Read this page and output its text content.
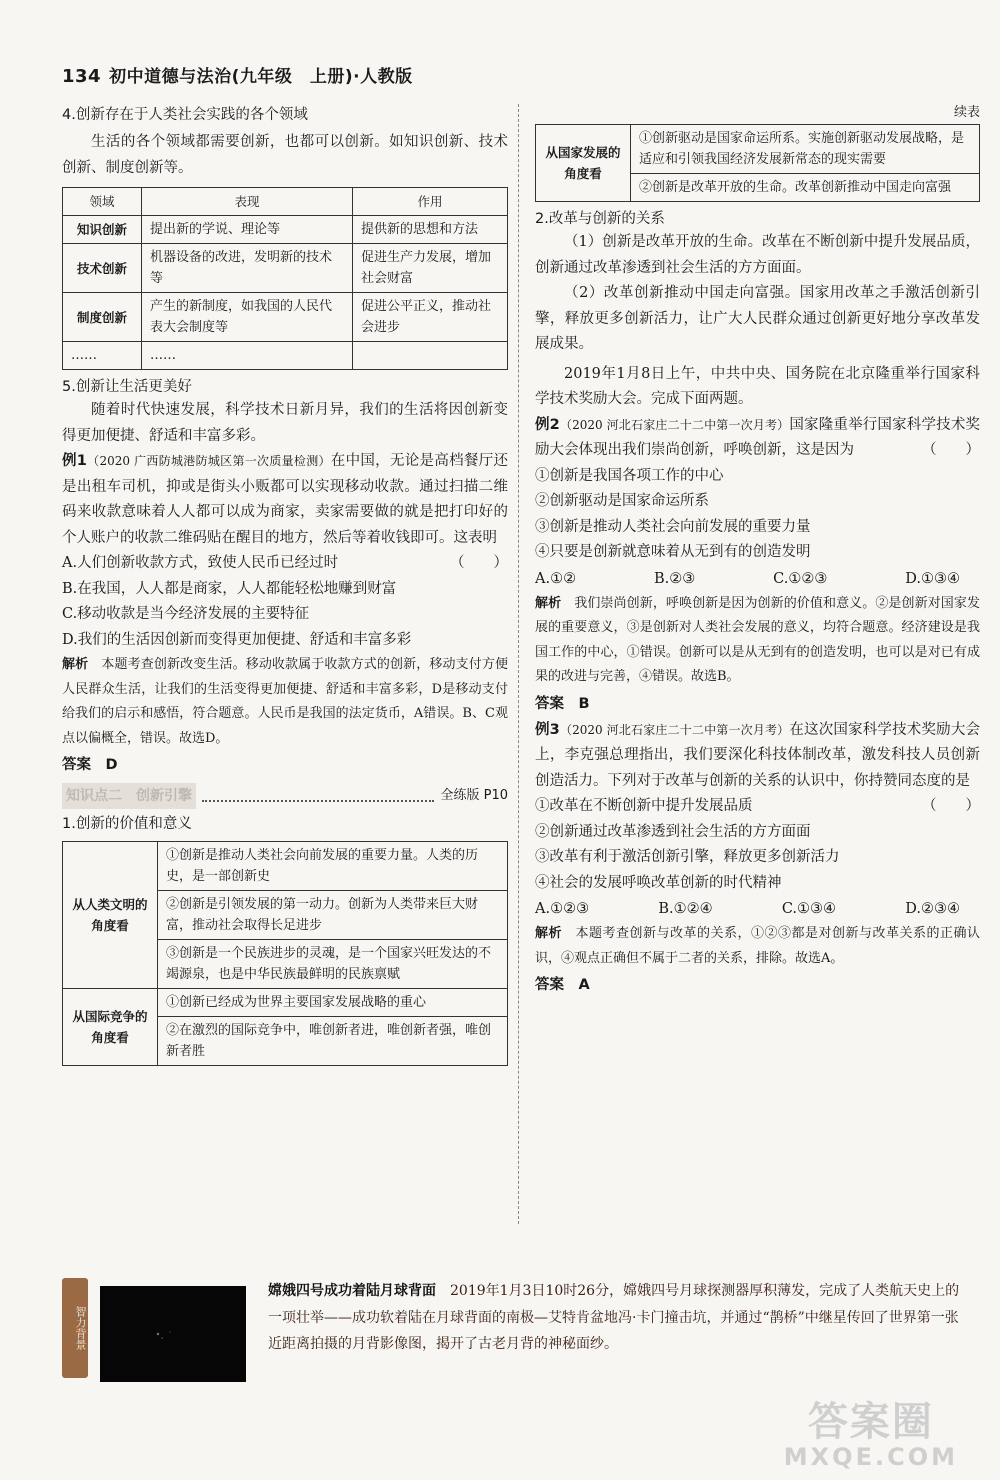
134 初中道德与法治(九年级　上册)·人教版
4.创新存在于人类社会实践的各个领域

生活的各个领域都需要创新，也都可以创新。如知识创新、技术创新、制度创新等。

领域	表现	作用
知识创新	提出新的学说、理论等	提供新的思想和方法
技术创新	机器设备的改进，发明新的技术等	促进生产力发展，增加社会财富
制度创新	产生的新制度，如我国的人民代表大会制度等	促进公平正义，推动社会进步
……	……	
5.创新让生活更美好

随着时代快速发展，科学技术日新月异，我们的生活将因创新变得更加便捷、舒适和丰富多彩。

例1（2020 广西防城港防城区第一次质量检测）在中国，无论是高档餐厅还是出租车司机，抑或是街头小贩都可以实现移动收款。通过扫描二维码来收款意味着人人都可以成为商家，卖家需要做的就是把打印好的个人账户的收款二维码贴在醒目的地方，然后等着收钱即可。这表明
（　　）

A.人们创新收款方式，致使人民币已经过时

B.在我国，人人都是商家，人人都能轻松地赚到财富

C.移动收款是当今经济发展的主要特征

D.我们的生活因创新而变得更加便捷、舒适和丰富多彩

解析　 本题考查创新改变生活。移动收款属于收款方式的创新，移动支付方便人民群众生活，让我们的生活变得更加便捷、舒适和丰富多彩，D是移动支付给我们的启示和感悟，符合题意。人民币是我国的法定货币，A错误。B、C观点以偏概全，错误。故选D。

答案　 D
知识点二　创新引擎	全练版 P10
1.创新的价值和意义
从人类文明的角度看	①创新是推动人类社会向前发展的重要力量。人类的历史，是一部创新史
	②创新是引领发展的第一动力。创新为人类带来巨大财富，推动社会取得长足进步
	③创新是一个民族进步的灵魂，是一个国家兴旺发达的不竭源泉，也是中华民族最鲜明的民族禀赋
从国际竞争的角度看	①创新已经成为世界主要国家发展战略的重心
	②在激烈的国际竞争中，唯创新者进，唯创新者强，唯创新者胜
续表
从国家发展的角度看	①创新驱动是国家命运所系。实施创新驱动发展战略，是适应和引领我国经济发展新常态的现实需要
②创新是改革开放的生命。改革创新推动中国走向富强
2.改革与创新的关系

（1）创新是改革开放的生命。改革在不断创新中提升发展品质，创新通过改革渗透到社会生活的方方面面。

（2）改革创新推动中国走向富强。国家用改革之手激活创新引擎，释放更多创新活力，让广大人民群众通过创新更好地分享改革发展成果。

2019年1月8日上午，中共中央、国务院在北京隆重举行国家科学技术奖励大会。完成下面两题。

例2（2020 河北石家庄二十二中第一次月考）国家隆重举行国家科学技术奖励大会体现出我们崇尚创新，呼唤创新，这是因为	（　　）

①创新是我国各项工作的中心

②创新驱动是国家命运所系

③创新是推动人类社会向前发展的重要力量

④只要是创新就意味着从无到有的创造发明

A.①②	B.②③	C.①②③	D.①③④

解析　 我们崇尚创新，呼唤创新是因为创新的价值和意义。②是创新对国家发展的重要意义，③是创新对人类社会发展的意义，均符合题意。经济建设是我国工作的中心，①错误。创新可以是从无到有的创造发明，也可以是对已有成果的改进与完善，④错误。故选B。

答案　 B

例3（2020 河北石家庄二十二中第一次月考）在这次国家科学技术奖励大会上，李克强总理指出，我们要深化科技体制改革，激发科技人员创新创造活力。下列对于改革与创新的关系的认识中，你持赞同态度的是
（　　）

①改革在不断创新中提升发展品质

②创新通过改革渗透到社会生活的方方面面

③改革有利于激活创新引擎，释放更多创新活力

④社会的发展呼唤改革创新的时代精神

A.①②③	B.①②④	C.①③④	D.②③④

解析　 本题考查创新与改革的关系，①②③都是对创新与改革关系的正确认识，④观点正确但不属于二者的关系，排除。故选A。

答案　 A
智力背景
嫦娥四号成功着陆月球背面　 2019年1月3日10时26分，嫦娥四号月球探测器厚积薄发，完成了人类航天史上的一项壮举——成功软着陆在月球背面的南极—艾特肯盆地冯·卡门撞击坑，并通过“鹊桥”中继星传回了世界第一张近距离拍摄的月背影像图，揭开了古老月背的神秘面纱。
答案圈
MXQE.COM
